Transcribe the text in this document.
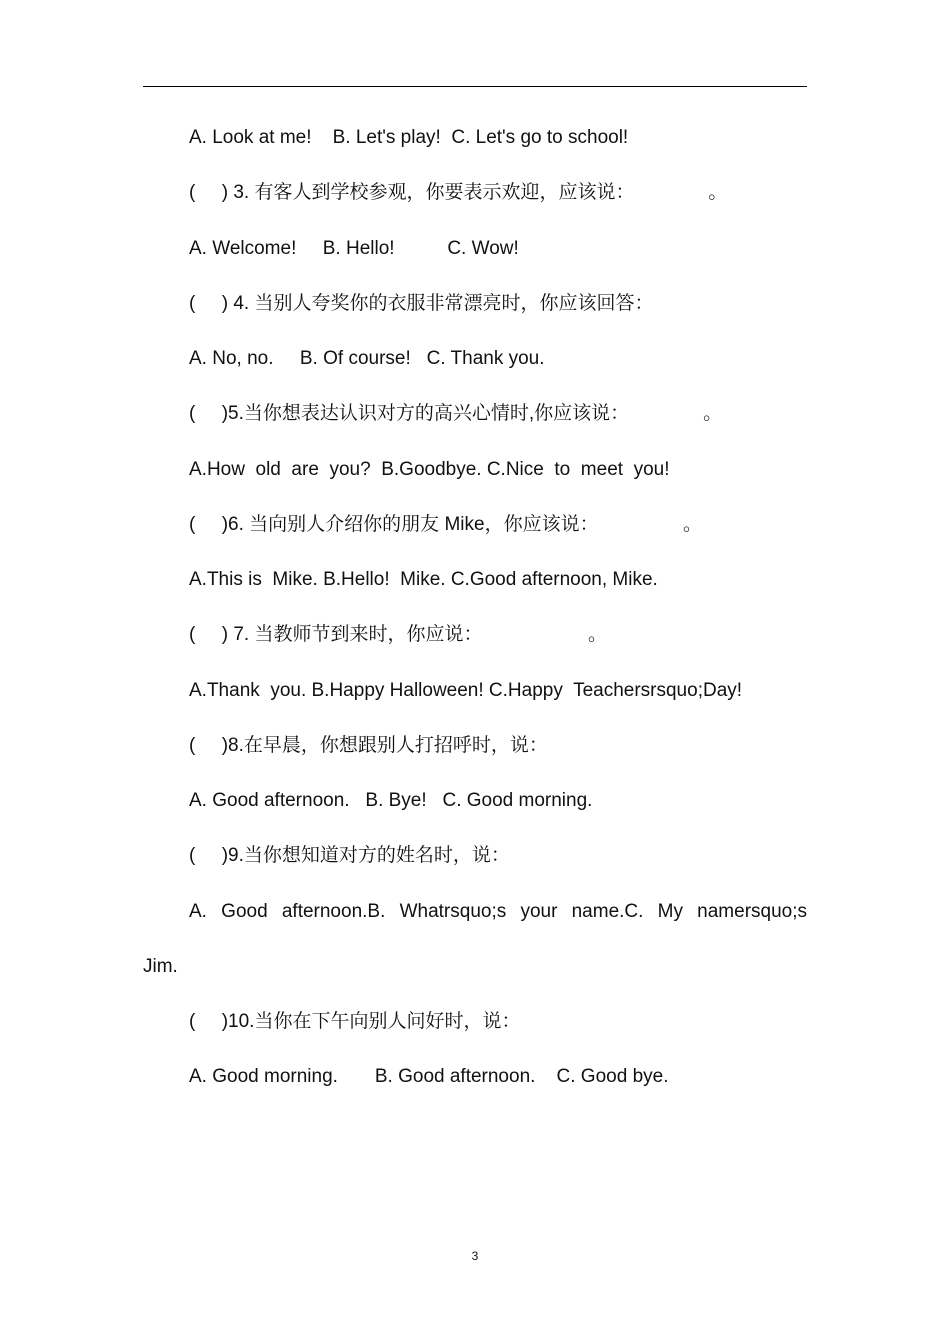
A. Look at me!    B. Let's play!  C. Let's go to school!
(     ) 3. 有客人到学校参观，你要表示欢迎，应该说：              。
A. Welcome!     B. Hello!          C. Wow!
(     ) 4. 当别人夸奖你的衣服非常漂亮时，你应该回答：
A. No, no.     B. Of course!   C. Thank you.
(     )5.当你想表达认识对方的高兴心情时,你应该说：              。
A.How  old  are  you?  B.Goodbye. C.Nice  to  meet  you!
(     )6. 当向别人介绍你的朋友 Mike，你应该说：                。
A.This is  Mike. B.Hello!  Mike. C.Good afternoon, Mike.
(     ) 7. 当教师节到来时，你应说：                    。
A.Thank  you. B.Happy Halloween! C.Happy  Teachersrsquo;Day!
(     )8.在早晨，你想跟别人打招呼时，说：
A. Good afternoon.   B. Bye!   C. Good morning.
(     )9.当你想知道对方的姓名时，说：
A. Good afternoon.B. Whatrsquo;s your name.C. My namersquo;s
Jim.
(     )10.当你在下午向别人问好时，说：
A. Good morning.       B. Good afternoon.    C. Good bye.
3
